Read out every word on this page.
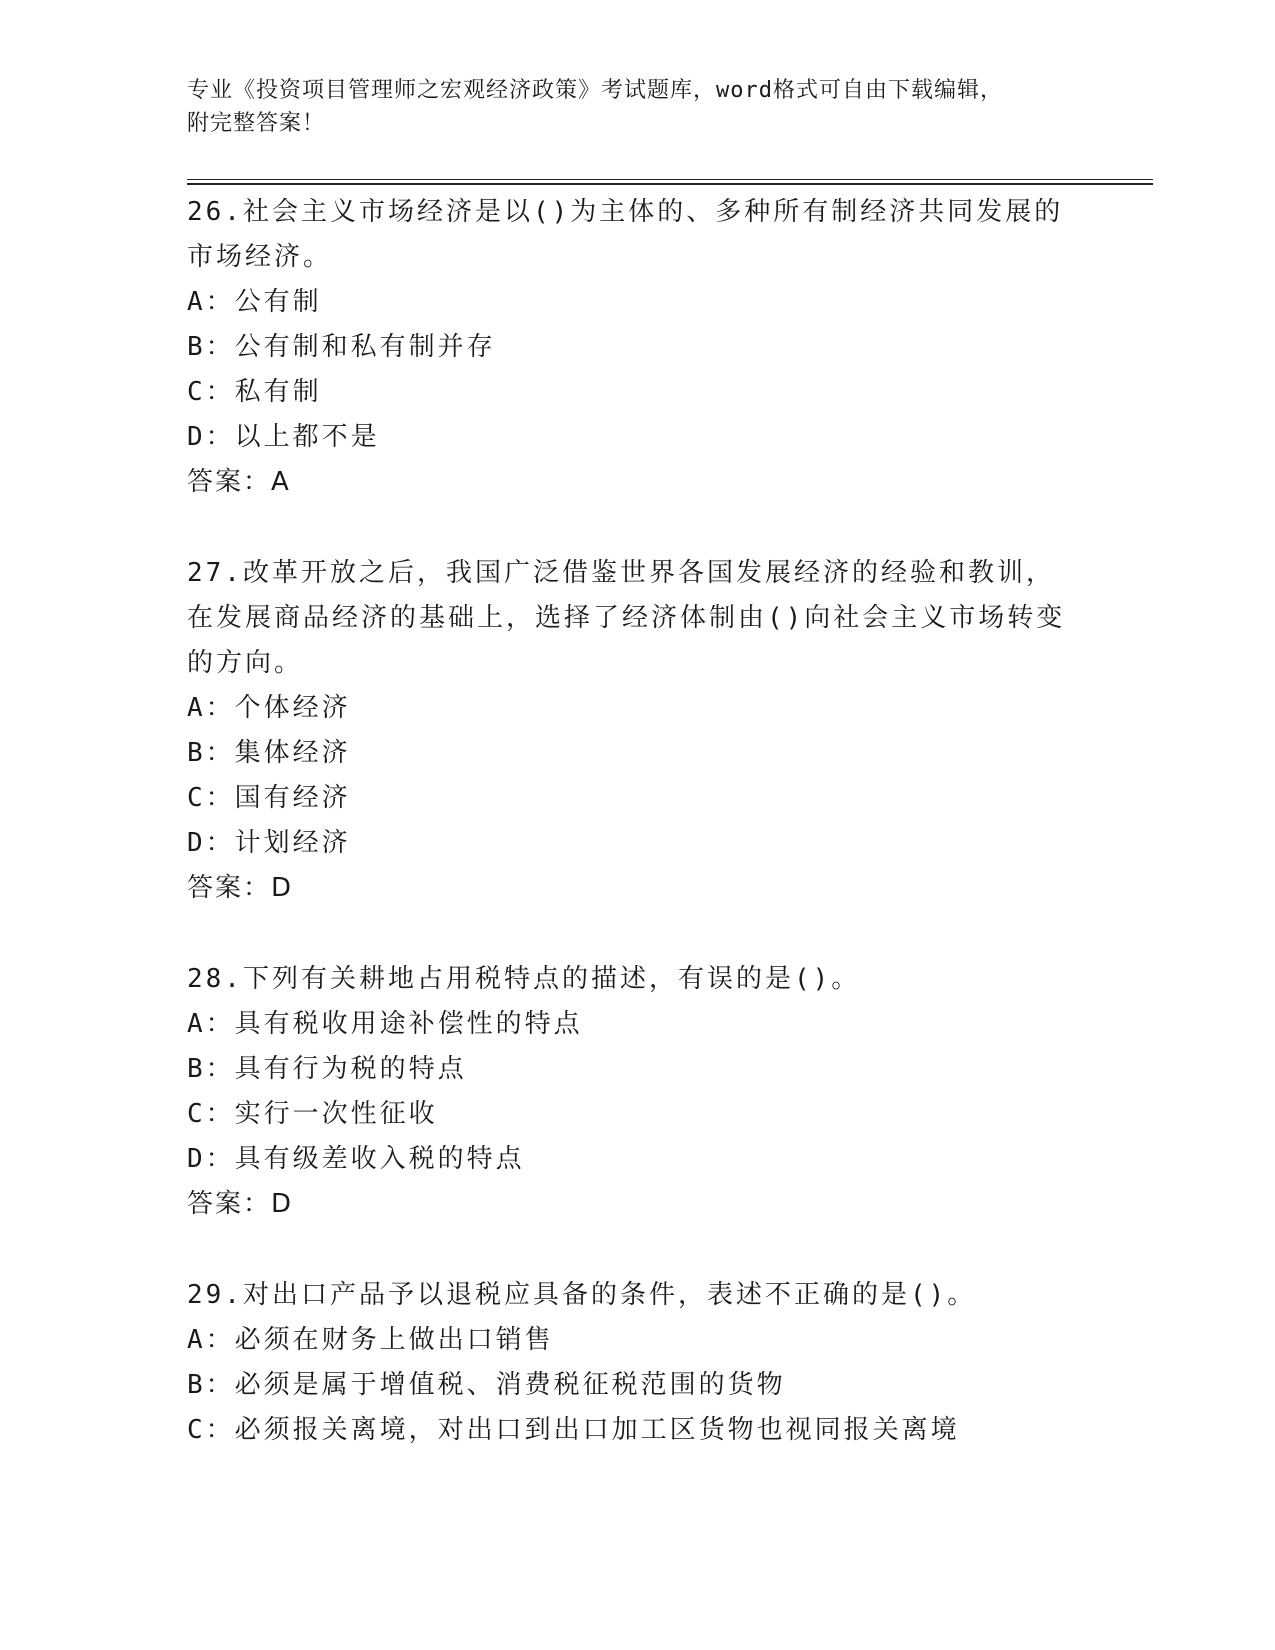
专业《投资项目管理师之宏观经济政策》考试题库，word格式可自由下载编辑，
附完整答案！
26.社会主义市场经济是以()为主体的、多种所有制经济共同发展的市场经济。
A：公有制
B：公有制和私有制并存
C：私有制
D：以上都不是
答案：A
27.改革开放之后，我国广泛借鉴世界各国发展经济的经验和教训，在发展商品经济的基础上，选择了经济体制由()向社会主义市场转变的方向。
A：个体经济
B：集体经济
C：国有经济
D：计划经济
答案：D
28.下列有关耕地占用税特点的描述，有误的是()。
A：具有税收用途补偿性的特点
B：具有行为税的特点
C：实行一次性征收
D：具有级差收入税的特点
答案：D
29.对出口产品予以退税应具备的条件，表述不正确的是()。
A：必须在财务上做出口销售
B：必须是属于增值税、消费税征税范围的货物
C：必须报关离境，对出口到出口加工区货物也视同报关离境
